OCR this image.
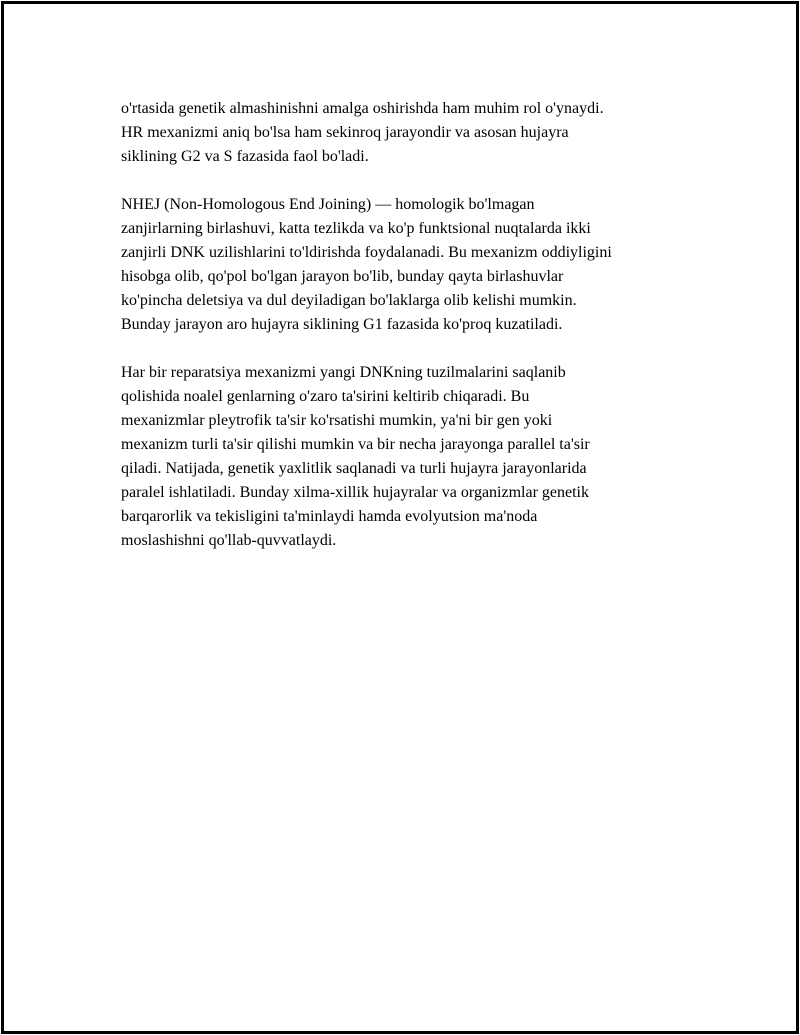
o'rtasida genetik almashinishni amalga oshirishda ham muhim rol o'ynaydi.
HR mexanizmi aniq bo'lsa ham sekinroq jarayondir va asosan hujayra
siklining G2 va S fazasida faol bo'ladi.

NHEJ (Non-Homologous End Joining) — homologik bo'lmagan
zanjirlarning birlashuvi, katta tezlikda va ko'p funktsional nuqtalarda ikki
zanjirli DNK uzilishlarini to'ldirishda foydalanadi. Bu mexanizm oddiyligini
hisobga olib, qo'pol bo'lgan jarayon bo'lib, bunday qayta birlashuvlar
ko'pincha deletsiya va dul deyiladigan bo'laklarga olib kelishi mumkin.
Bunday jarayon aro hujayra siklining G1 fazasida ko'proq kuzatiladi.

Har bir reparatsiya mexanizmi yangi DNKning tuzilmalarini saqlanib
qolishida noalel genlarning o'zaro ta'sirini keltirib chiqaradi. Bu
mexanizmlar pleytrofik ta'sir ko'rsatishi mumkin, ya'ni bir gen yoki
mexanizm turli ta'sir qilishi mumkin va bir necha jarayonga parallel ta'sir
qiladi. Natijada, genetik yaxlitlik saqlanadi va turli hujayra jarayonlarida
paralel ishlatiladi. Bunday xilma-xillik hujayralar va organizmlar genetik
barqarorlik va tekisligini ta'minlaydi hamda evolyutsion ma'noda
moslashishni qo'llab-quvvatlaydi.
